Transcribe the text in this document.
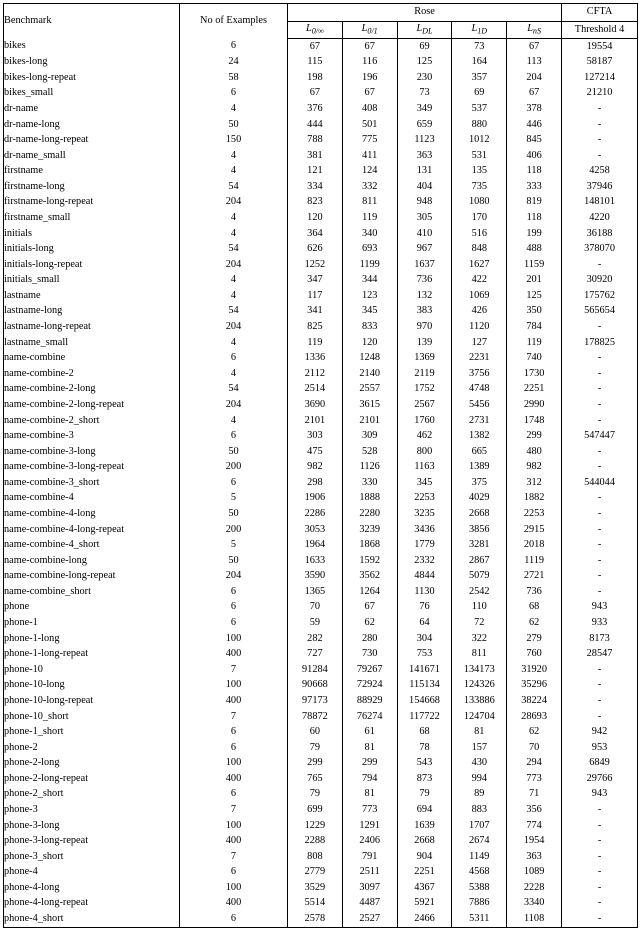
Benchmark	No of Examples	Rose					CFTA
		$L_{0/\infty}$	$L_{0/1}$	$L_{DL}$	$L_{1D}$	$L_{nS}$	Threshold 4
bikes	6	67	67	69	73	67	19554
bikes-long	24	115	116	125	164	113	58187
bikes-long-repeat	58	198	196	230	357	204	127214
bikes_small	6	67	67	73	69	67	21210
dr-name	4	376	408	349	537	378	-
dr-name-long	50	444	501	659	880	446	-
dr-name-long-repeat	150	788	775	1123	1012	845	-
dr-name_small	4	381	411	363	531	406	-
firstname	4	121	124	131	135	118	4258
firstname-long	54	334	332	404	735	333	37946
firstname-long-repeat	204	823	811	948	1080	819	148101
firstname_small	4	120	119	305	170	118	4220
initials	4	364	340	410	516	199	36188
initials-long	54	626	693	967	848	488	378070
initials-long-repeat	204	1252	1199	1637	1627	1159	-
initials_small	4	347	344	736	422	201	30920
lastname	4	117	123	132	1069	125	175762
lastname-long	54	341	345	383	426	350	565654
lastname-long-repeat	204	825	833	970	1120	784	-
lastname_small	4	119	120	139	127	119	178825
name-combine	6	1336	1248	1369	2231	740	-
name-combine-2	4	2112	2140	2119	3756	1730	-
name-combine-2-long	54	2514	2557	1752	4748	2251	-
name-combine-2-long-repeat	204	3690	3615	2567	5456	2990	-
name-combine-2_short	4	2101	2101	1760	2731	1748	-
name-combine-3	6	303	309	462	1382	299	547447
name-combine-3-long	50	475	528	800	665	480	-
name-combine-3-long-repeat	200	982	1126	1163	1389	982	-
name-combine-3_short	6	298	330	345	375	312	544044
name-combine-4	5	1906	1888	2253	4029	1882	-
name-combine-4-long	50	2286	2280	3235	2668	2253	-
name-combine-4-long-repeat	200	3053	3239	3436	3856	2915	-
name-combine-4_short	5	1964	1868	1779	3281	2018	-
name-combine-long	50	1633	1592	2332	2867	1119	-
name-combine-long-repeat	204	3590	3562	4844	5079	2721	-
name-combine_short	6	1365	1264	1130	2542	736	-
phone	6	70	67	76	110	68	943
phone-1	6	59	62	64	72	62	933
phone-1-long	100	282	280	304	322	279	8173
phone-1-long-repeat	400	727	730	753	811	760	28547
phone-10	7	91284	79267	141671	134173	31920	-
phone-10-long	100	90668	72924	115134	124326	35296	-
phone-10-long-repeat	400	97173	88929	154668	133886	38224	-
phone-10_short	7	78872	76274	117722	124704	28693	-
phone-1_short	6	60	61	68	81	62	942
phone-2	6	79	81	78	157	70	953
phone-2-long	100	299	299	543	430	294	6849
phone-2-long-repeat	400	765	794	873	994	773	29766
phone-2_short	6	79	81	79	89	71	943
phone-3	7	699	773	694	883	356	-
phone-3-long	100	1229	1291	1639	1707	774	-
phone-3-long-repeat	400	2288	2406	2668	2674	1954	-
phone-3_short	7	808	791	904	1149	363	-
phone-4	6	2779	2511	2251	4568	1089	-
phone-4-long	100	3529	3097	4367	5388	2228	-
phone-4-long-repeat	400	5514	4487	5921	7886	3340	-
phone-4_short	6	2578	2527	2466	5311	1108	-
